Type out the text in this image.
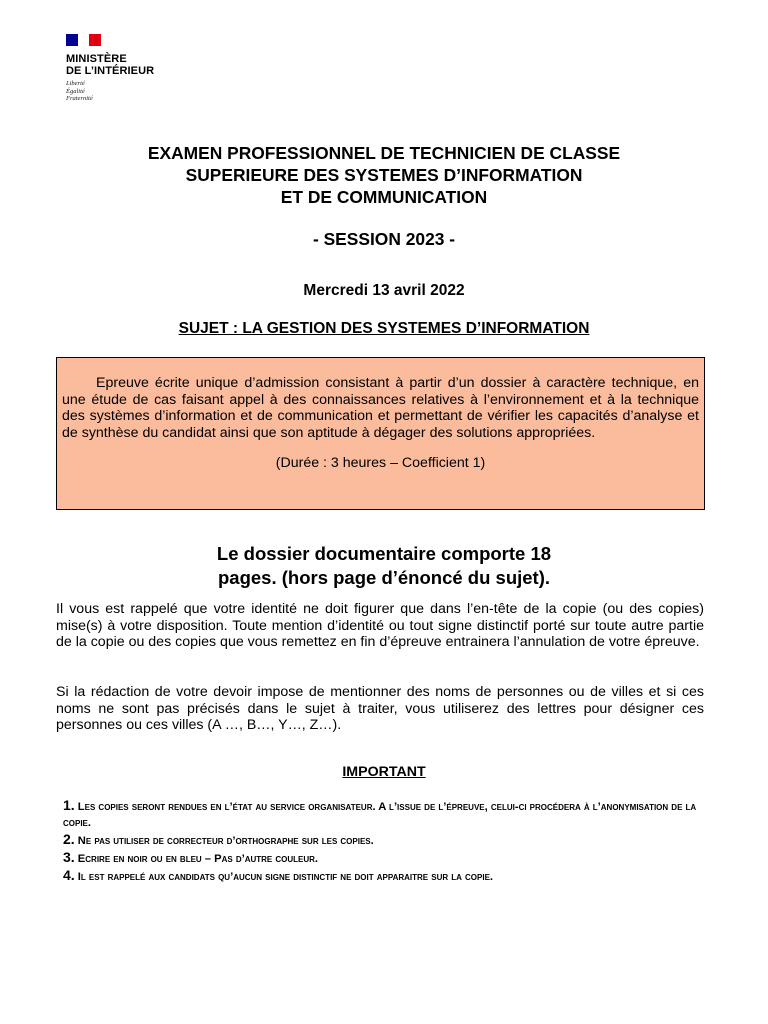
MINISTÈRE
DE L’INTÉRIEUR
Liberté
Égalité
Fraternité
EXAMEN PROFESSIONNEL DE TECHNICIEN DE CLASSE
SUPERIEURE DES SYSTEMES D’INFORMATION
ET DE COMMUNICATION
- SESSION 2023 -
Mercredi 13 avril 2022
SUJET : LA GESTION DES SYSTEMES D’INFORMATION

Epreuve écrite unique d’admission consistant à partir d’un dossier à caractère technique, en une étude de cas faisant appel à des connaissances relatives à l’environnement et à la technique des systèmes d’information et de communication et permettant de vérifier les capacités d’analyse et de synthèse du candidat ainsi que son aptitude à dégager des solutions appropriées.

(Durée : 3 heures – Coefficient 1)
Le dossier documentaire comporte 18
pages. (hors page d’énoncé du sujet).

Il vous est rappelé que votre identité ne doit figurer que dans l’en-tête de la copie (ou des copies) mise(s) à votre disposition. Toute mention d’identité ou tout signe distinctif porté sur toute autre partie de la copie ou des copies que vous remettez en fin d’épreuve entrainera l’annulation de votre épreuve.

Si la rédaction de votre devoir impose de mentionner des noms de personnes ou de villes et si ces noms ne sont pas précisés dans le sujet à traiter, vous utiliserez des lettres pour désigner ces personnes ou ces villes (A …, B…, Y…, Z…).

IMPORTANT
1. Les copies seront rendues en l’état au service organisateur. A l’issue de l’épreuve, celui-ci procédera à l’anonymisation de la copie.
2. Ne pas utiliser de correcteur d’orthographe sur les copies.
3. Ecrire en noir ou en bleu – Pas d’autre couleur.
4. Il est rappelé aux candidats qu’aucun signe distinctif ne doit apparaitre sur la copie.
